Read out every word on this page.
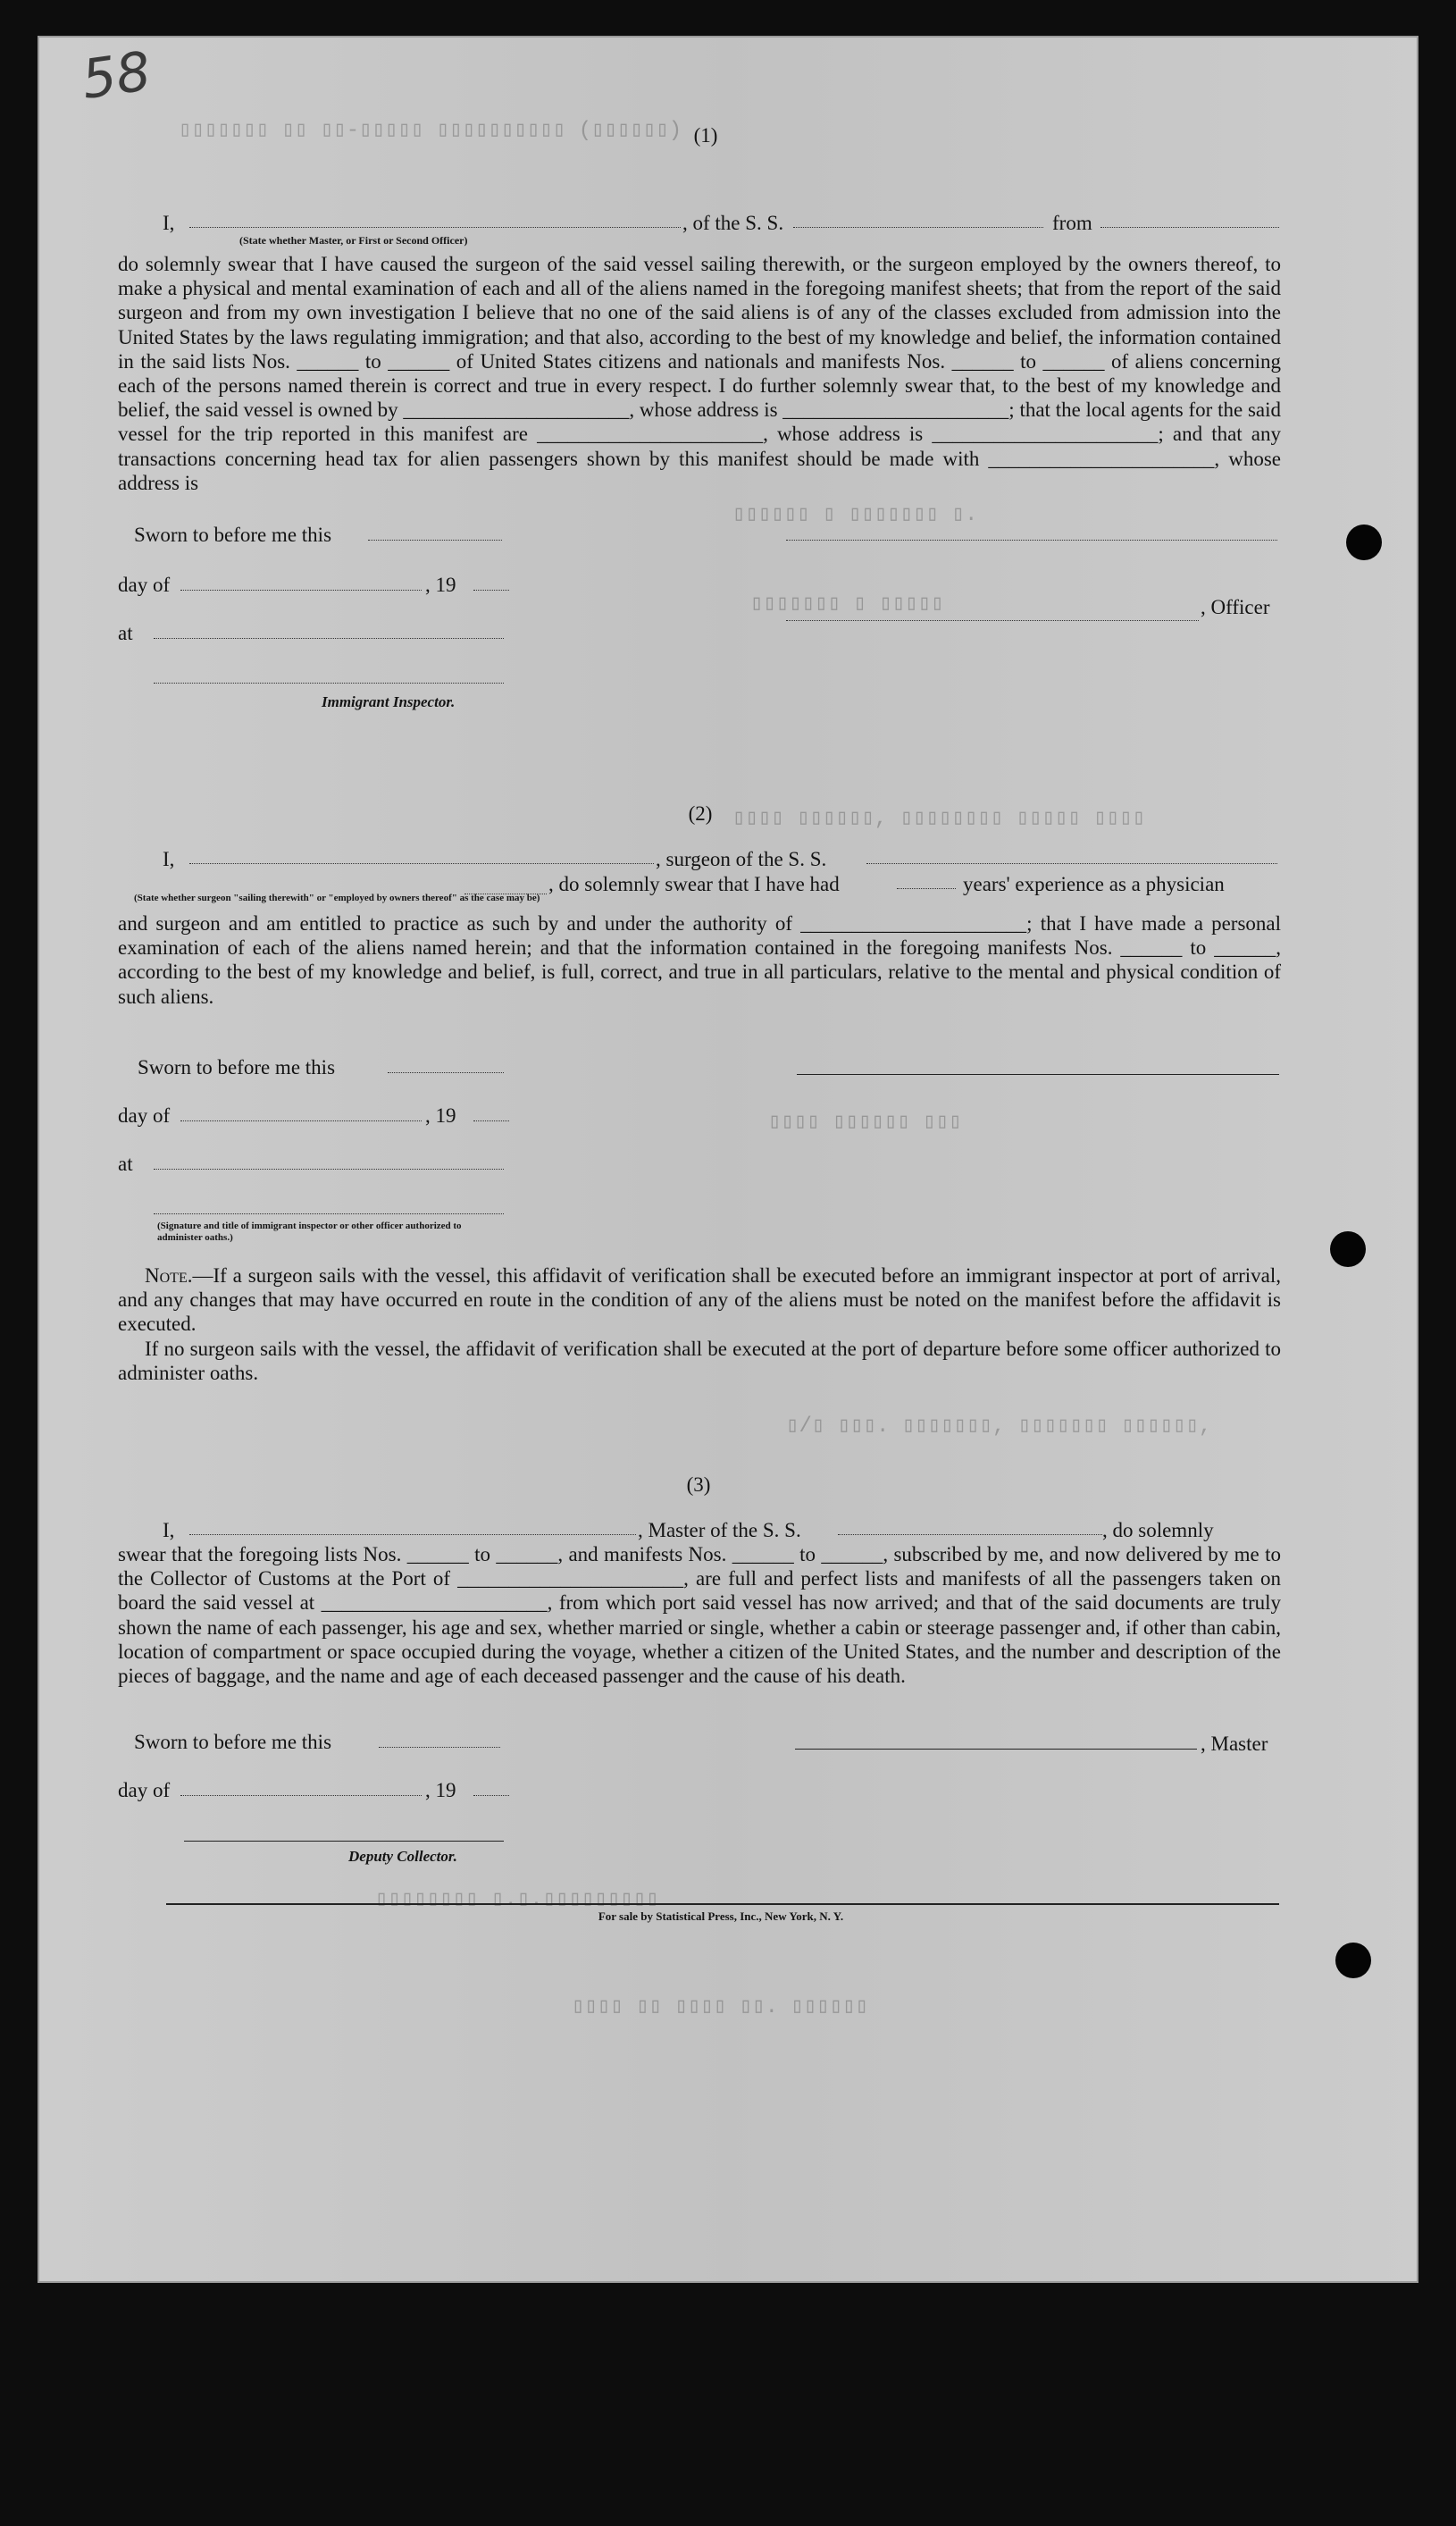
▯▯▯▯▯▯▯ ▯▯ ▯▯-▯▯▯▯▯ ▯▯▯▯▯▯▯▯▯▯ (▯▯▯▯▯▯)
▯▯▯▯▯▯ ▯ ▯▯▯▯▯▯▯ ▯.
▯▯▯▯▯▯▯ ▯ ▯▯▯▯▯
▯▯▯▯ ▯▯▯▯▯▯, ▯▯▯▯▯▯▯▯ ▯▯▯▯▯ ▯▯▯▯
▯▯▯▯ ▯▯▯▯▯▯ ▯▯▯
▯/▯ ▯▯▯. ▯▯▯▯▯▯▯, ▯▯▯▯▯▯▯ ▯▯▯▯▯▯,
▯▯▯▯▯▯▯▯ ▯.▯.▯▯▯▯▯▯▯▯▯
▯▯▯▯ ▯▯ ▯▯▯▯ ▯▯. ▯▯▯▯▯▯
58
(1)
I,	, of the S. S.	from
(State whether Master, or First or Second Officer)

do solemnly swear that I have caused the surgeon of the said vessel sailing therewith, or the surgeon employed by the owners thereof, to make a physical and mental examination of each and all of the aliens named in the foregoing manifest sheets; that from the report of the said surgeon and from my own investigation I believe that no one of the said aliens is of any of the classes excluded from admission into the United States by the laws regulating immigration; and that also, according to the best of my knowledge and belief, the information contained in the said lists Nos. ______ to ______ of United States citizens and nationals and manifests Nos. ______ to ______ of aliens concerning each of the persons named therein is correct and true in every respect. I do further solemnly swear that, to the best of my knowledge and belief, the said vessel is owned by ______________________, whose address is ______________________; that the local agents for the said vessel for the trip reported in this manifest are ______________________, whose address is ______________________; and that any transactions concerning head tax for alien passengers shown by this manifest should be made with ______________________, whose address is

Sworn to before me this
day of	, 19
at
, Officer
Immigrant Inspector.
(2)
I,	, surgeon of the S. S.
(State whether surgeon "sailing therewith" or "employed by owners thereof" as the case may be)
, do solemnly swear that I have had	years' experience as a physician

and surgeon and am entitled to practice as such by and under the authority of ______________________; that I have made a personal examination of each of the aliens named herein; and that the information contained in the foregoing manifests Nos. ______ to ______, according to the best of my knowledge and belief, is full, correct, and true in all particulars, relative to the mental and physical condition of such aliens.

Sworn to before me this
day of	, 19
at
(Signature and title of immigrant inspector or other officer authorized to administer oaths.)

Note.—If a surgeon sails with the vessel, this affidavit of verification shall be executed before an immigrant inspector at port of arrival, and any changes that may have occurred en route in the condition of any of the aliens must be noted on the manifest before the affidavit is executed.

If no surgeon sails with the vessel, the affidavit of verification shall be executed at the port of departure before some officer authorized to administer oaths.

(3)
I,	, Master of the S. S.	, do solemnly

swear that the foregoing lists Nos. ______ to ______, and manifests Nos. ______ to ______, subscribed by me, and now delivered by me to the Collector of Customs at the Port of ______________________, are full and perfect lists and manifests of all the passengers taken on board the said vessel at ______________________, from which port said vessel has now arrived; and that of the said documents are truly shown the name of each passenger, his age and sex, whether married or single, whether a cabin or steerage passenger and, if other than cabin, location of compartment or space occupied during the voyage, whether a citizen of the United States, and the number and description of the pieces of baggage, and the name and age of each deceased passenger and the cause of his death.

Sworn to before me this	, Master
day of	, 19
Deputy Collector.
For sale by Statistical Press, Inc., New York, N. Y.
